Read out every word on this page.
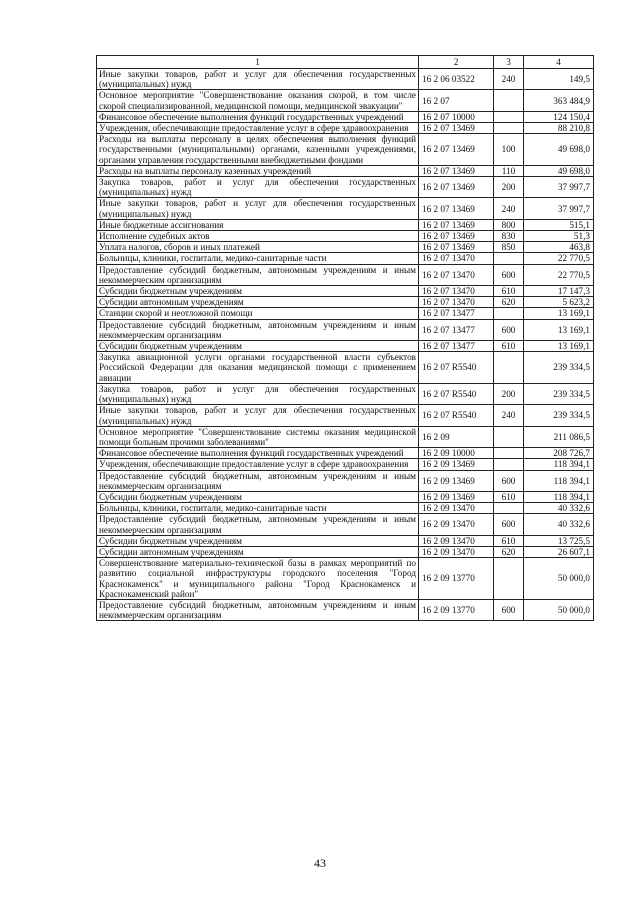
1	2	3	4
Иные закупки товаров, работ и услуг для обеспечения государственных (муниципальных) нужд	16 2 06 03522	240	149,5
Основное мероприятие "Совершенствование оказания скорой, в том числе скорой специализированной, медицинской помощи, медицинской эвакуации"	16 2 07		363 484,9
Финансовое обеспечение выполнения функций государственных учреждений	16 2 07 10000		124 150,4
Учреждения, обеспечивающие предоставление услуг в сфере здравоохранения	16 2 07 13469		88 210,8
Расходы на выплаты персоналу в целях обеспечения выполнения функций государственными (муниципальными) органами, казенными учреждениями, органами управления государственными внебюджетными фондами	16 2 07 13469	100	49 698,0
Расходы на выплаты персоналу казенных учреждений	16 2 07 13469	110	49 698,0
Закупка товаров, работ и услуг для обеспечения государственных (муниципальных) нужд	16 2 07 13469	200	37 997,7
Иные закупки товаров, работ и услуг для обеспечения государственных (муниципальных) нужд	16 2 07 13469	240	37 997,7
Иные бюджетные ассигнования	16 2 07 13469	800	515,1
Исполнение судебных актов	16 2 07 13469	830	51,3
Уплата налогов, сборов и иных платежей	16 2 07 13469	850	463,8
Больницы, клиники, госпитали, медико-санитарные части	16 2 07 13470		22 770,5
Предоставление субсидий бюджетным, автономным учреждениям и иным некоммерческим организациям	16 2 07 13470	600	22 770,5
Субсидии бюджетным учреждениям	16 2 07 13470	610	17 147,3
Субсидии автономным учреждениям	16 2 07 13470	620	5 623,2
Станции скорой и неотложной помощи	16 2 07 13477		13 169,1
Предоставление субсидий бюджетным, автономным учреждениям и иным некоммерческим организациям	16 2 07 13477	600	13 169,1
Субсидии бюджетным учреждениям	16 2 07 13477	610	13 169,1
Закупка авиационной услуги органами государственной власти субъектов Российской Федерации для оказания медицинской помощи с применением авиации	16 2 07 R5540		239 334,5
Закупка товаров, работ и услуг для обеспечения государственных (муниципальных) нужд	16 2 07 R5540	200	239 334,5
Иные закупки товаров, работ и услуг для обеспечения государственных (муниципальных) нужд	16 2 07 R5540	240	239 334,5
Основное мероприятие "Совершенствование системы оказания медицинской помощи больным прочими заболеваниями"	16 2 09		211 086,5
Финансовое обеспечение выполнения функций государственных учреждений	16 2 09 10000		208 726,7
Учреждения, обеспечивающие предоставление услуг в сфере здравоохранения	16 2 09 13469		118 394,1
Предоставление субсидий бюджетным, автономным учреждениям и иным некоммерческим организациям	16 2 09 13469	600	118 394,1
Субсидии бюджетным учреждениям	16 2 09 13469	610	118 394,1
Больницы, клиники, госпитали, медико-санитарные части	16 2 09 13470		40 332,6
Предоставление субсидий бюджетным, автономным учреждениям и иным некоммерческим организациям	16 2 09 13470	600	40 332,6
Субсидии бюджетным учреждениям	16 2 09 13470	610	13 725,5
Субсидии автономным учреждениям	16 2 09 13470	620	26 607,1
Совершенствование материально-технической базы в рамках мероприятий по развитию социальной инфраструктуры городского поселения "Город Краснокаменск" и муниципального района "Город Краснокаменск и Краснокаменский район"	16 2 09 13770		50 000,0
Предоставление субсидий бюджетным, автономным учреждениям и иным некоммерческим организациям	16 2 09 13770	600	50 000,0
43
